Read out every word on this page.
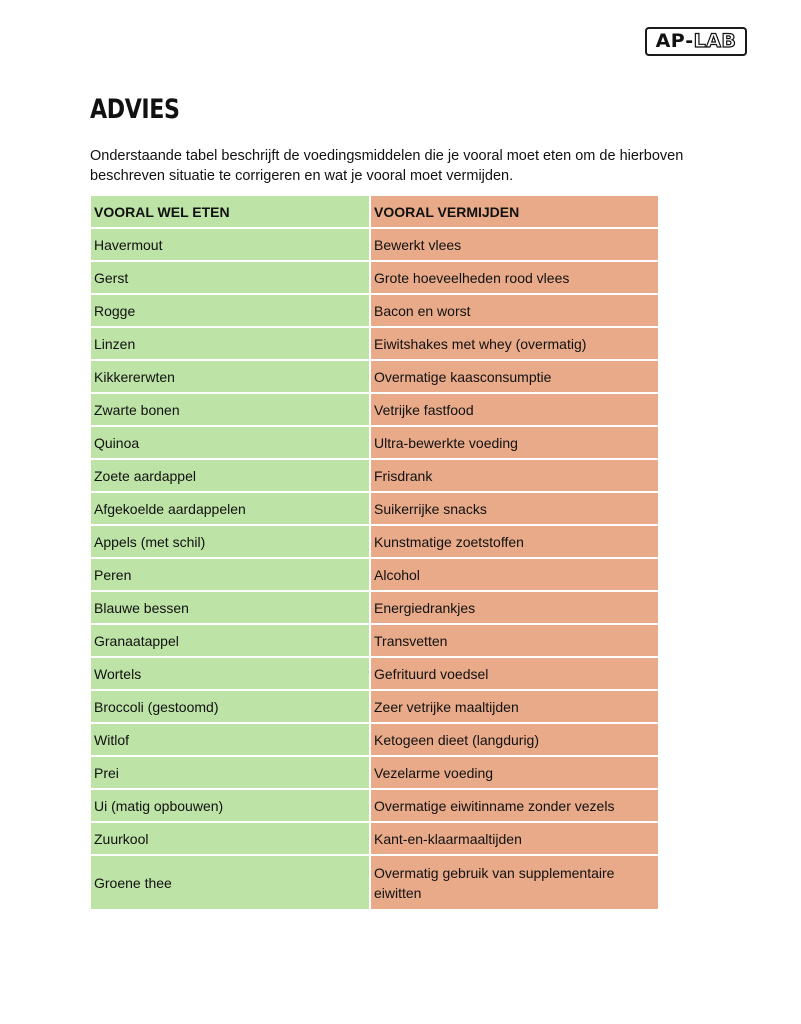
AP - LAB
ADVIES

Onderstaande tabel beschrijft de voedingsmiddelen die je vooral moet eten om de hierboven beschreven situatie te corrigeren en wat je vooral moet vermijden.

VOORAL WEL ETEN	VOORAL VERMIJDEN
Havermout	Bewerkt vlees
Gerst	Grote hoeveelheden rood vlees
Rogge	Bacon en worst
Linzen	Eiwitshakes met whey (overmatig)
Kikkererwten	Overmatige kaasconsumptie
Zwarte bonen	Vetrijke fastfood
Quinoa	Ultra-bewerkte voeding
Zoete aardappel	Frisdrank
Afgekoelde aardappelen	Suikerrijke snacks
Appels (met schil)	Kunstmatige zoetstoffen
Peren	Alcohol
Blauwe bessen	Energiedrankjes
Granaatappel	Transvetten
Wortels	Gefrituurd voedsel
Broccoli (gestoomd)	Zeer vetrijke maaltijden
Witlof	Ketogeen dieet (langdurig)
Prei	Vezelarme voeding
Ui (matig opbouwen)	Overmatige eiwitinname zonder vezels
Zuurkool	Kant-en-klaarmaaltijden
Groene thee	Overmatig gebruik van supplementaire eiwitten
